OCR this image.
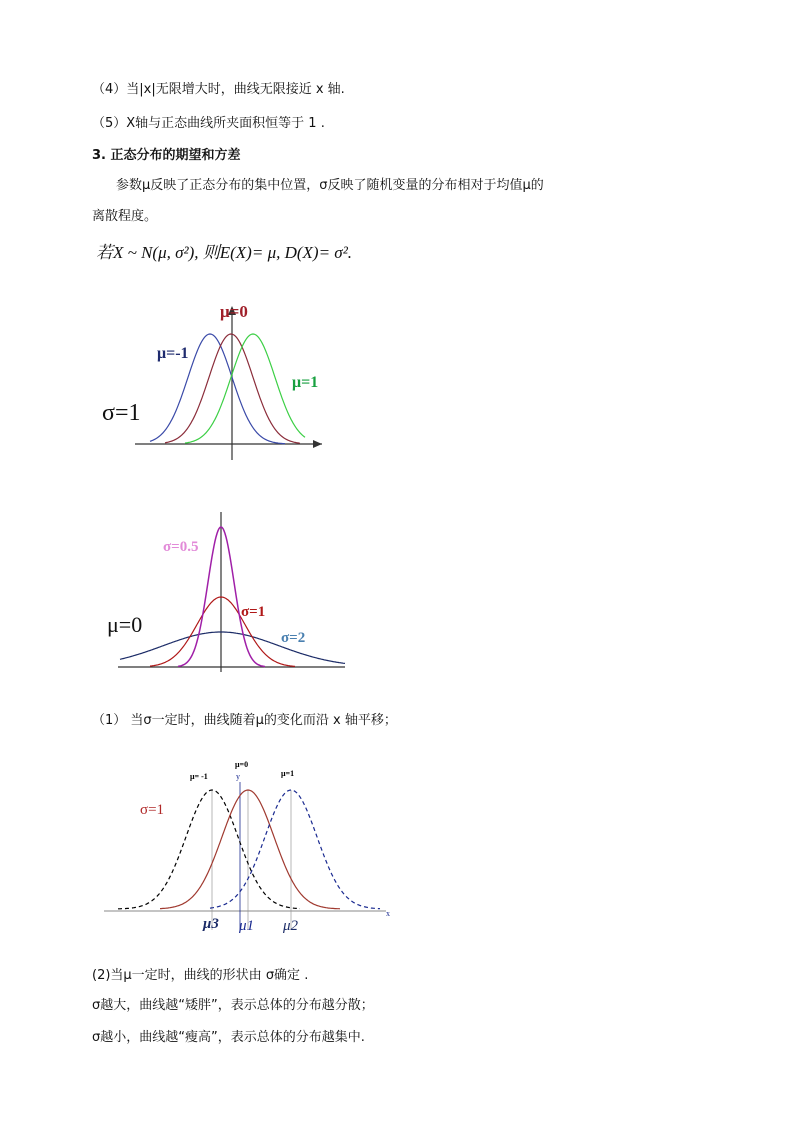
（4）当|x|无限增大时，曲线无限接近 x 轴.
（5）X轴与正态曲线所夹面积恒等于 1 .
3. 正态分布的期望和方差
参数μ反映了正态分布的集中位置，σ反映了随机变量的分布相对于均值μ的
离散程度。
若X ~ N(μ, σ²), 则E(X)= μ, D(X)= σ².
μ=0
μ=-1
μ=1
σ=1
σ=0.5
σ=1
σ=2
μ=0
（1） 当σ一定时，曲线随着μ的变化而沿 x 轴平移；
x
y
μ= -1
μ=0
μ=1
σ=1
μ3 μ1 μ2
(2)当μ一定时，曲线的形状由 σ确定 .
σ越大，曲线越“矮胖”，表示总体的分布越分散；
σ越小，曲线越“瘦高”，表示总体的分布越集中.
